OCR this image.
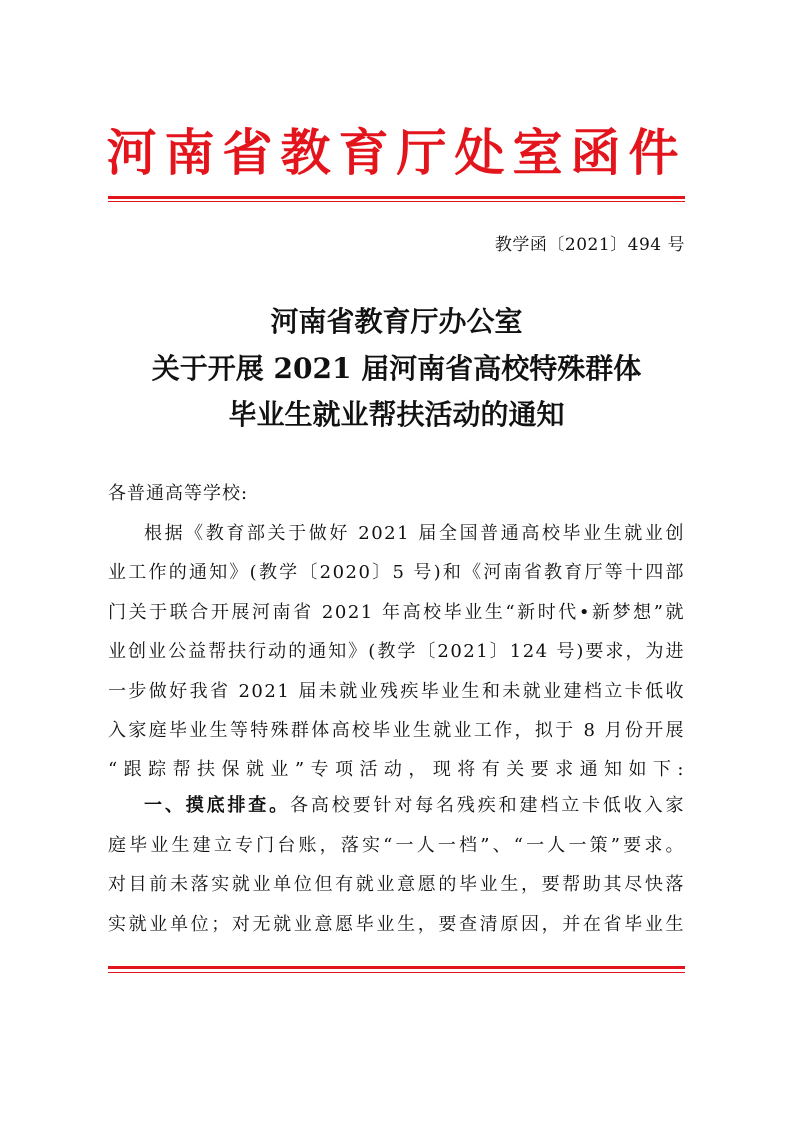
河南省教育厅处室函件
教学函〔2021〕494 号
河南省教育厅办公室
关于开展 2021 届河南省高校特殊群体
毕业生就业帮扶活动的通知
各普通高等学校:
根据《教育部关于做好 2021 届全国普通高校毕业生就业创
业工作的通知》(教学〔2020〕5 号)和《河南省教育厅等十四部
门关于联合开展河南省 2021 年高校毕业生“新时代•新梦想”就
业创业公益帮扶行动的通知》(教学〔2021〕124 号)要求，为进
一步做好我省 2021 届未就业残疾毕业生和未就业建档立卡低收
入家庭毕业生等特殊群体高校毕业生就业工作，拟于 8 月份开展
“跟踪帮扶保就业”专项活动，现将有关要求通知如下:
一、摸底排查。各高校要针对每名残疾和建档立卡低收入家
庭毕业生建立专门台账，落实“一人一档”、“一人一策”要求。
对目前未落实就业单位但有就业意愿的毕业生，要帮助其尽快落
实就业单位；对无就业意愿毕业生，要查清原因，并在省毕业生
